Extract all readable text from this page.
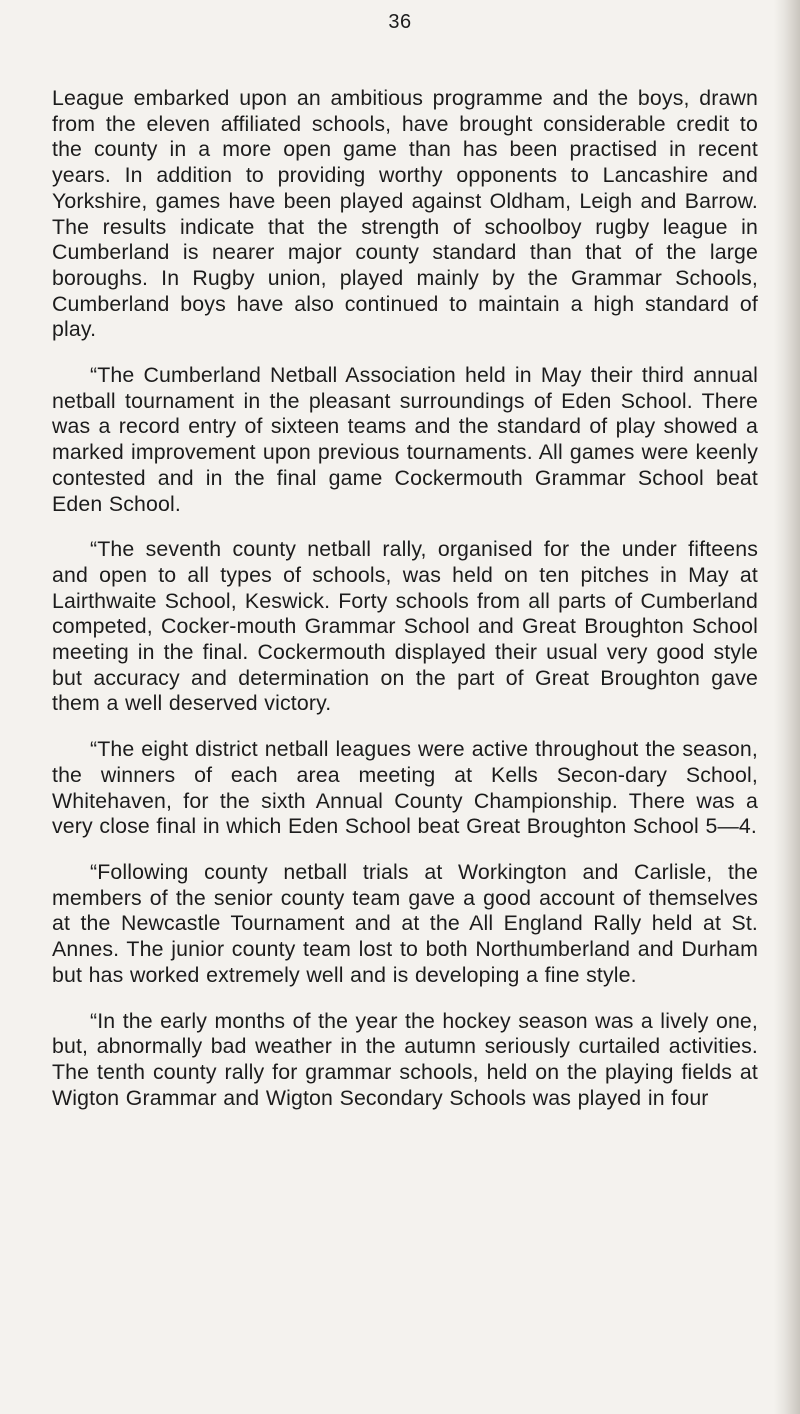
36

League embarked upon an ambitious programme and the boys, drawn from the eleven affiliated schools, have brought considerable credit to the county in a more open game than has been practised in recent years. In addition to providing worthy opponents to Lancashire and Yorkshire, games have been played against Oldham, Leigh and Barrow. The results indicate that the strength of schoolboy rugby league in Cumberland is nearer major county standard than that of the large boroughs. In Rugby union, played mainly by the Grammar Schools, Cumberland boys have also continued to maintain a high standard of play.

“The Cumberland Netball Association held in May their third annual netball tournament in the pleasant surroundings of Eden School. There was a record entry of sixteen teams and the standard of play showed a marked improvement upon previous tournaments. All games were keenly contested and in the final game Cockermouth Grammar School beat Eden School.

“The seventh county netball rally, organised for the under fifteens and open to all types of schools, was held on ten pitches in May at Lairthwaite School, Keswick. Forty schools from all parts of Cumberland competed, Cocker-mouth Grammar School and Great Broughton School meeting in the final. Cockermouth displayed their usual very good style but accuracy and determination on the part of Great Broughton gave them a well deserved victory.

“The eight district netball leagues were active throughout the season, the winners of each area meeting at Kells Secon-dary School, Whitehaven, for the sixth Annual County Championship. There was a very close final in which Eden School beat Great Broughton School 5—4.

“Following county netball trials at Workington and Carlisle, the members of the senior county team gave a good account of themselves at the Newcastle Tournament and at the All England Rally held at St. Annes. The junior county team lost to both Northumberland and Durham but has worked extremely well and is developing a fine style.

“In the early months of the year the hockey season was a lively one, but, abnormally bad weather in the autumn seriously curtailed activities. The tenth county rally for grammar schools, held on the playing fields at Wigton Grammar and Wigton Secondary Schools was played in four
